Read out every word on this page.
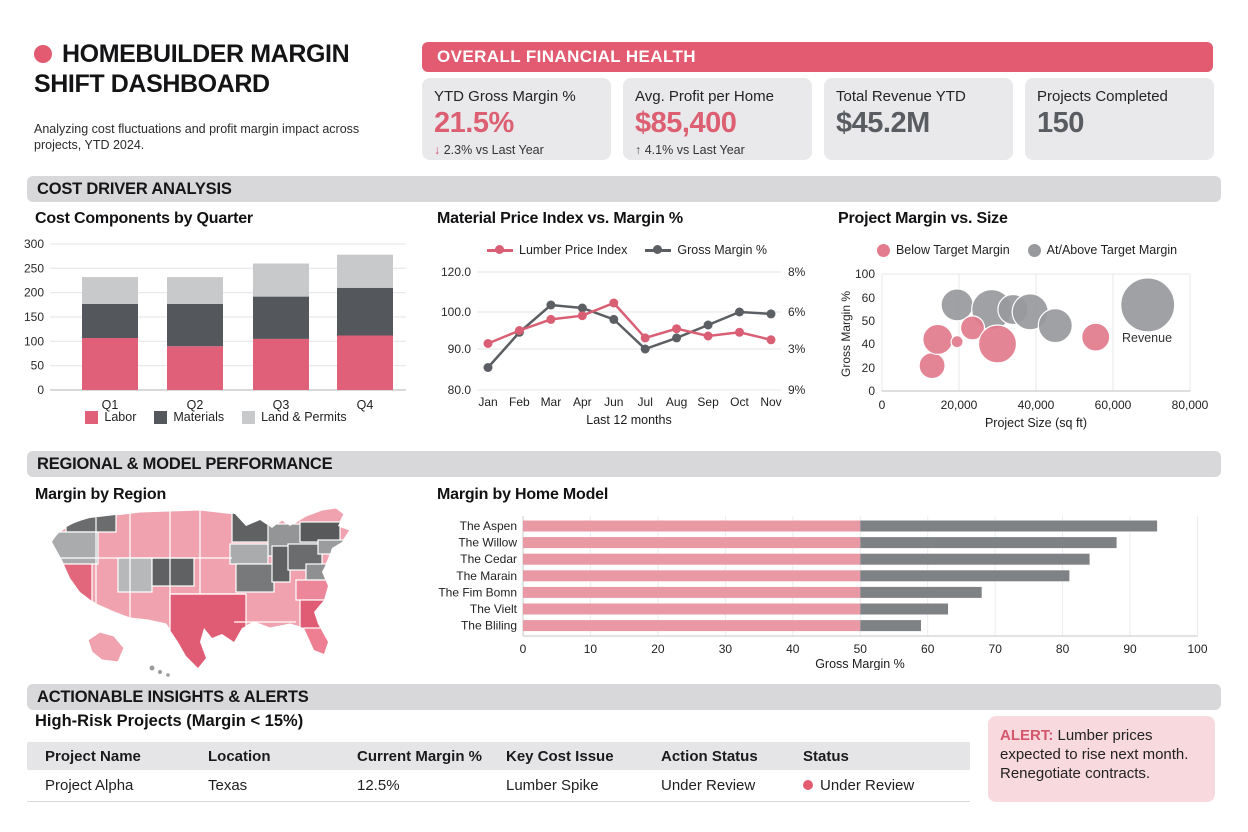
HOMEBUILDER MARGIN SHIFT DASHBOARD

Analyzing cost fluctuations and profit margin impact across projects, YTD 2024.

OVERALL FINANCIAL HEALTH
YTD Gross Margin %
21.5%
↓ 2.3% vs Last Year
Avg. Profit per Home
$85,400
↑ 4.1% vs Last Year
Total Revenue YTD
$45.2M
Projects Completed
150
COST DRIVER ANALYSIS
Cost Components by Quarter
0
50
100
150
200
250
300
Q1	Q2	Q3	Q4
Labor	Materials	Land & Permits
Material Price Index vs. Margin %
Lumber Price Index	Gross Margin %
120.0	8%
100.0	6%
90.0	3%
80.0	9%
Jan Feb Mar Apr Jun Jul Aug Sep Oct Nov
Last 12 months
Project Margin vs. Size
Below Target Margin	At/Above Target Margin
0	20,000	40,000	60,000	80,000
100
60
50
40
20
0
Revenue
Gross Margin %
Project Size (sq ft)
REGIONAL & MODEL PERFORMANCE
Margin by Region	Margin by Home Model
0	10	20	30	40	50	60	70	80	90	100
The Aspen
The Willow
The Cedar
The Marain
The Fim Bomn
The Vielt
The Bliling
Gross Margin %
ACTIONABLE INSIGHTS & ALERTS
High-Risk Projects (Margin < 15%)
Project Name	Location	Current Margin %	Key Cost Issue	Action Status	Status
Project Alpha	Texas	12.5%	Lumber Spike	Under Review	Under Review
ALERT: Lumber prices expected to rise next month. Renegotiate contracts.
